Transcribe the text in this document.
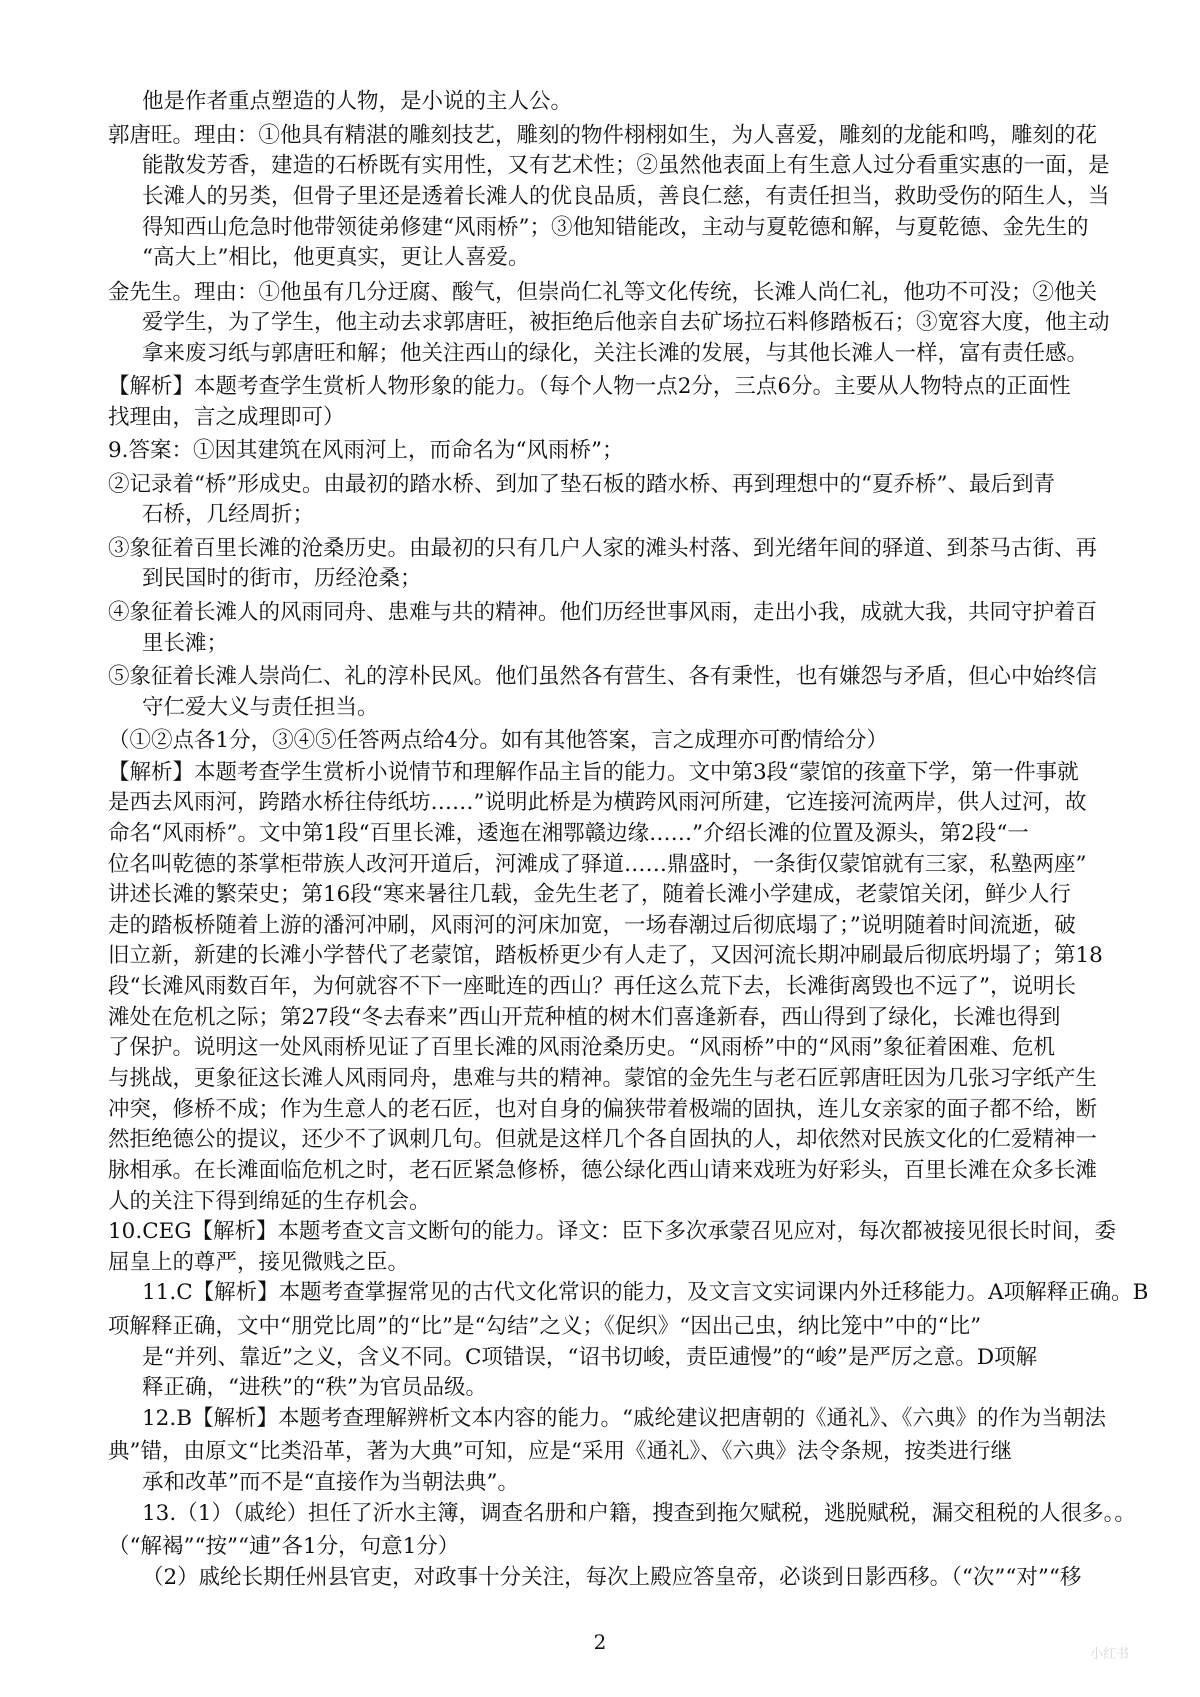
他是作者重点塑造的人物，是小说的主人公。
郭唐旺。理由：①他具有精湛的雕刻技艺，雕刻的物件栩栩如生，为人喜爱，雕刻的龙能和鸣，雕刻的花
能散发芳香，建造的石桥既有实用性，又有艺术性；②虽然他表面上有生意人过分看重实惠的一面，是
长滩人的另类，但骨子里还是透着长滩人的优良品质，善良仁慈，有责任担当，救助受伤的陌生人，当
得知西山危急时他带领徒弟修建“风雨桥”；③他知错能改，主动与夏乾德和解，与夏乾德、金先生的
“高大上”相比，他更真实，更让人喜爱。
金先生。理由：①他虽有几分迂腐、酸气，但崇尚仁礼等文化传统，长滩人尚仁礼，他功不可没；②他关
爱学生，为了学生，他主动去求郭唐旺，被拒绝后他亲自去矿场拉石料修踏板石；③宽容大度，他主动
拿来废习纸与郭唐旺和解；他关注西山的绿化，关注长滩的发展，与其他长滩人一样，富有责任感。
【解析】本题考查学生赏析人物形象的能力。（每个人物一点2分，三点6分。主要从人物特点的正面性
找理由，言之成理即可）
9.答案：①因其建筑在风雨河上，而命名为“风雨桥”；
②记录着“桥”形成史。由最初的踏水桥、到加了垫石板的踏水桥、再到理想中的“夏乔桥”、最后到青
石桥，几经周折；
③象征着百里长滩的沧桑历史。由最初的只有几户人家的滩头村落、到光绪年间的驿道、到茶马古街、再
到民国时的街市，历经沧桑；
④象征着长滩人的风雨同舟、患难与共的精神。他们历经世事风雨，走出小我，成就大我，共同守护着百
里长滩；
⑤象征着长滩人崇尚仁、礼的淳朴民风。他们虽然各有营生、各有秉性，也有嫌怨与矛盾，但心中始终信
守仁爱大义与责任担当。
（①②点各1分，③④⑤任答两点给4分。如有其他答案，言之成理亦可酌情给分）
【解析】本题考查学生赏析小说情节和理解作品主旨的能力。文中第3段“蒙馆的孩童下学，第一件事就
是西去风雨河，跨踏水桥往侍纸坊……”说明此桥是为横跨风雨河所建，它连接河流两岸，供人过河，故
命名“风雨桥”。文中第1段“百里长滩，逶迤在湘鄂赣边缘……”介绍长滩的位置及源头，第2段“一
位名叫乾德的茶掌柜带族人改河开道后，河滩成了驿道……鼎盛时，一条街仅蒙馆就有三家，私塾两座”
讲述长滩的繁荣史；第16段“寒来暑往几载，金先生老了，随着长滩小学建成，老蒙馆关闭，鲜少人行
走的踏板桥随着上游的潘河冲刷，风雨河的河床加宽，一场春潮过后彻底塌了；”说明随着时间流逝，破
旧立新，新建的长滩小学替代了老蒙馆，踏板桥更少有人走了，又因河流长期冲刷最后彻底坍塌了；第18
段“长滩风雨数百年，为何就容不下一座毗连的西山？再任这么荒下去，长滩街离毁也不远了”，说明长
滩处在危机之际；第27段“冬去春来”西山开荒种植的树木们喜逢新春，西山得到了绿化，长滩也得到
了保护。说明这一处风雨桥见证了百里长滩的风雨沧桑历史。“风雨桥”中的“风雨”象征着困难、危机
与挑战，更象征这长滩人风雨同舟，患难与共的精神。蒙馆的金先生与老石匠郭唐旺因为几张习字纸产生
冲突，修桥不成；作为生意人的老石匠，也对自身的偏狭带着极端的固执，连儿女亲家的面子都不给，断
然拒绝德公的提议，还少不了讽刺几句。但就是这样几个各自固执的人，却依然对民族文化的仁爱精神一
脉相承。在长滩面临危机之时，老石匠紧急修桥，德公绿化西山请来戏班为好彩头，百里长滩在众多长滩
人的关注下得到绵延的生存机会。
10.CEG【解析】本题考查文言文断句的能力。译文：臣下多次承蒙召见应对，每次都被接见很长时间，委
屈皇上的尊严，接见微贱之臣。
11.C【解析】本题考查掌握常见的古代文化常识的能力，及文言文实词课内外迁移能力。A项解释正确。B
项解释正确，文中“朋党比周”的“比”是“勾结”之义；《促织》“因出己虫，纳比笼中”中的“比”
是“并列、靠近”之义，含义不同。C项错误，“诏书切峻，责臣逋慢”的“峻”是严厉之意。D项解
释正确，“进秩”的“秩”为官员品级。
12.B【解析】本题考查理解辨析文本内容的能力。“戚纶建议把唐朝的《通礼》、《六典》的作为当朝法
典”错，由原文“比类沿革，著为大典”可知，应是“采用《通礼》、《六典》法令条规，按类进行继
承和改革”而不是“直接作为当朝法典”。
13.（1）（戚纶）担任了沂水主簿，调查名册和户籍，搜查到拖欠赋税，逃脱赋税，漏交租税的人很多。。
（“解褐”“按”“逋”各1分，句意1分）
（2）戚纶长期任州县官吏，对政事十分关注，每次上殿应答皇帝，必谈到日影西移。（“次”“对”“移
2
小红书
